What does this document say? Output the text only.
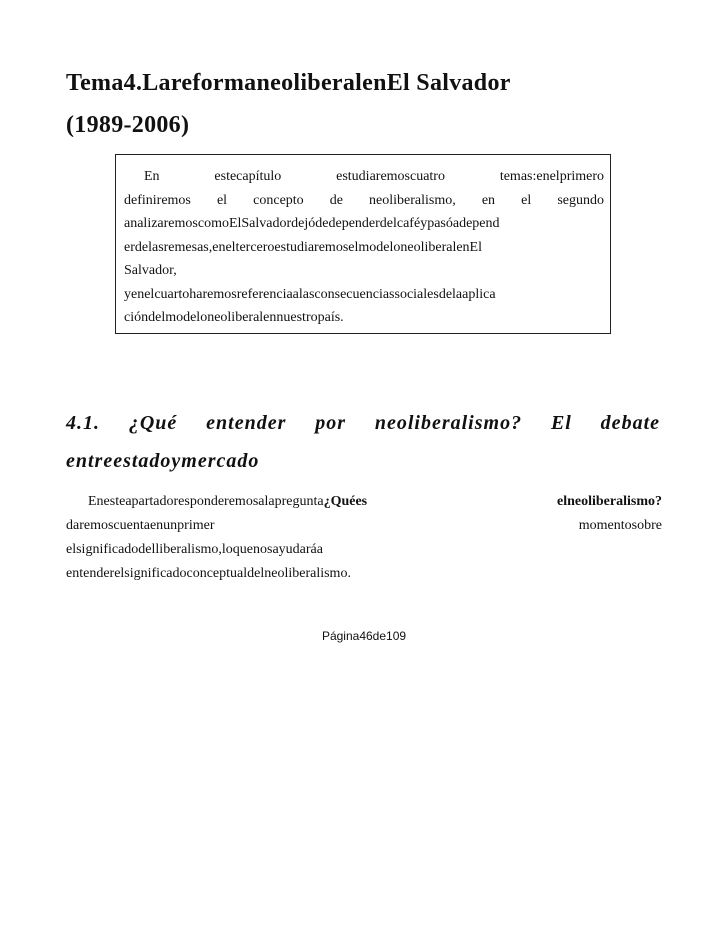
Tema4.LareformaneoliberalenEl Salvador
(1989-2006)
En	estecapítulo	estudiaremoscuatro	temas:enelprimero
definiremos el concepto de neoliberalismo, en el segundo
analizaremoscomoElSalvadordejódedependerdelcaféypasóadepend
erdelasremesas,enelterceroestudiaremoselmodeloneoliberalenEl
Salvador,
yenelcuartoharemosreferenciaalasconsecuenciassocialesdelaaplica
cióndelmodeloneoliberalennuestropaís.
4.1. ¿Qué entender por neoliberalismo? El debate
entreestadoymercado
Enesteapartadoresponderemosalapregunta¿Quées	elneoliberalismo?
daremoscuentaenunprimer	momentosobre
elsignificadodelliberalismo,loquenosayudaráa
entenderelsignificadoconceptualdelneoliberalismo.
Página46de109
